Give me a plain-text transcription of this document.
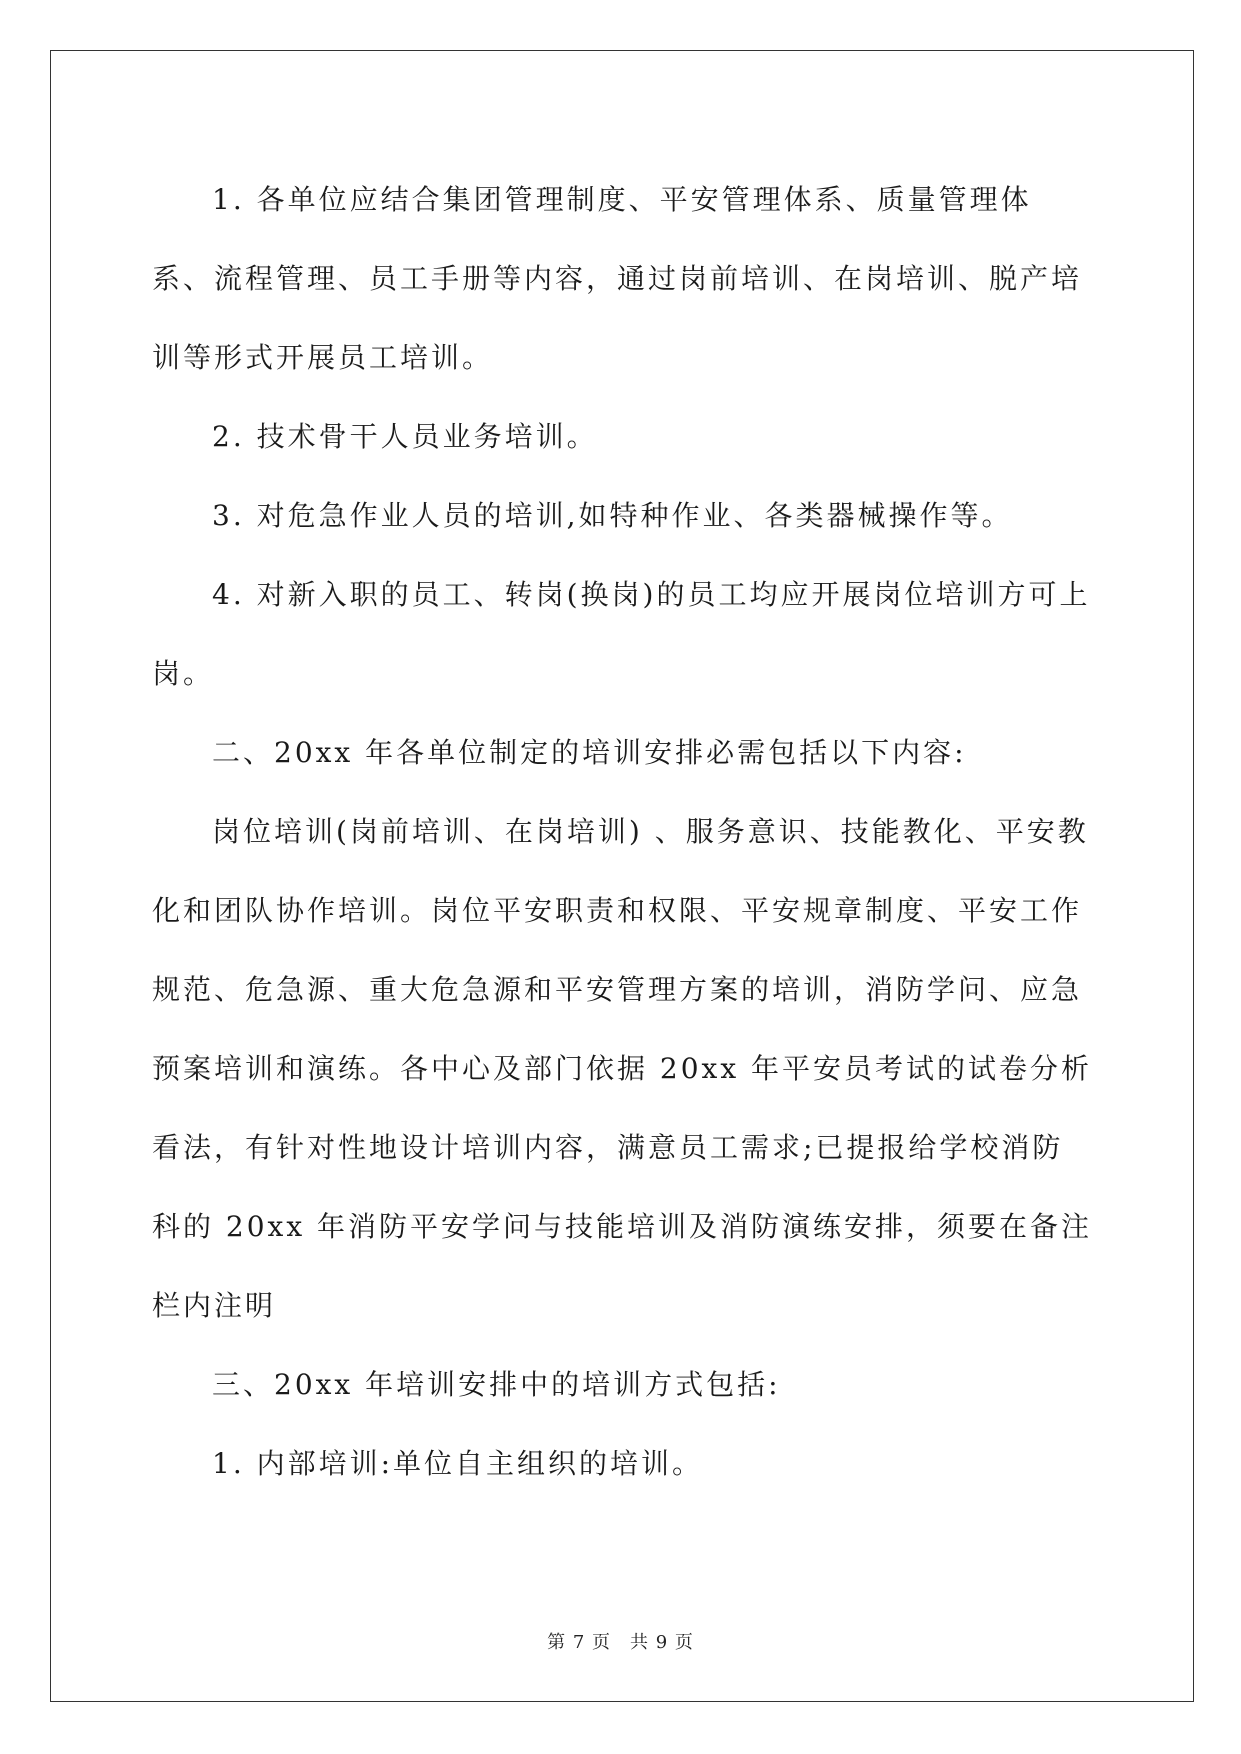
1. 各单位应结合集团管理制度、平安管理体系、质量管理体系、流程管理、员工手册等内容，通过岗前培训、在岗培训、脱产培训等形式开展员工培训。

2. 技术骨干人员业务培训。

3. 对危急作业人员的培训,如特种作业、各类器械操作等。

4. 对新入职的员工、转岗(换岗)的员工均应开展岗位培训方可上岗。

二、20xx 年各单位制定的培训安排必需包括以下内容:

岗位培训(岗前培训、在岗培训) 、服务意识、技能教化、平安教化和团队协作培训。岗位平安职责和权限、平安规章制度、平安工作规范、危急源、重大危急源和平安管理方案的培训，消防学问、应急预案培训和演练。各中心及部门依据 20xx 年平安员考试的试卷分析看法，有针对性地设计培训内容，满意员工需求;已提报给学校消防科的 20xx 年消防平安学问与技能培训及消防演练安排，须要在备注栏内注明

三、20xx 年培训安排中的培训方式包括:

1. 内部培训:单位自主组织的培训。

第 7 页　共 9 页
